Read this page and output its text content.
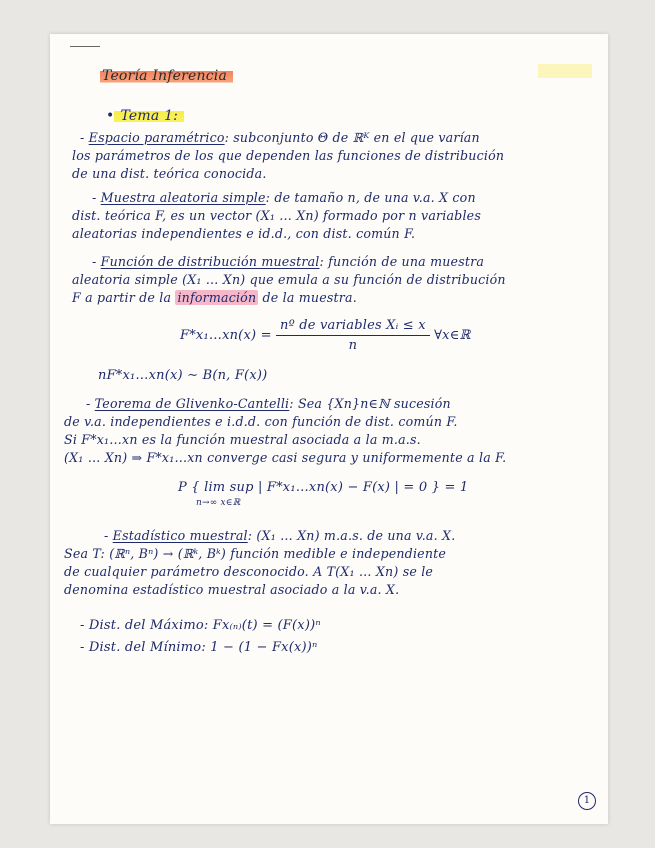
Teoría Inferencia
• Tema 1:
- Espacio paramétrico: subconjunto Θ de ℝᴷ en el que varían
los parámetros de los que dependen las funciones de distribución
de una dist. teórica conocida.
- Muestra aleatoria simple: de tamaño n, de una v.a. X con
dist. teórica F, es un vector (X₁ … Xn) formado por n variables
aleatorias independientes e id.d., con dist. común F.
- Función de distribución muestral: función de una muestra
aleatoria simple (X₁ … Xn) que emula a su función de distribución
F a partir de la información de la muestra.
F*x₁…xn(x) = $\frac{\text{nº de variables Xᵢ ≤ x}}{n}$ ∀x∈ℝ
nF*x₁…xn(x) ∼ B(n, F(x))
- Teorema de Glivenko-Cantelli: Sea {Xn}n∈ℕ sucesión
de v.a. independientes e i.d.d. con función de dist. común F.
Si F*x₁…xn es la función muestral asociada a la m.a.s.
(X₁ … Xn) ⇒ F*x₁…xn converge casi segura y uniformemente a la F.
P { lim sup | F*x₁…xn(x) − F(x) | = 0 } = 1
n→∞ x∈ℝ
- Estadístico muestral: (X₁ … Xn) m.a.s. de una v.a. X.
Sea T: (ℝⁿ, Bⁿ) → (ℝᵏ, Bᵏ) función medible e independiente
de cualquier parámetro desconocido. A T(X₁ … Xn) se le
denomina estadístico muestral asociado a la v.a. X.
- Dist. del Máximo: Fx₍ₙ₎(t) = (F(x))ⁿ
- Dist. del Mínimo: 1 − (1 − Fx(x))ⁿ
1
